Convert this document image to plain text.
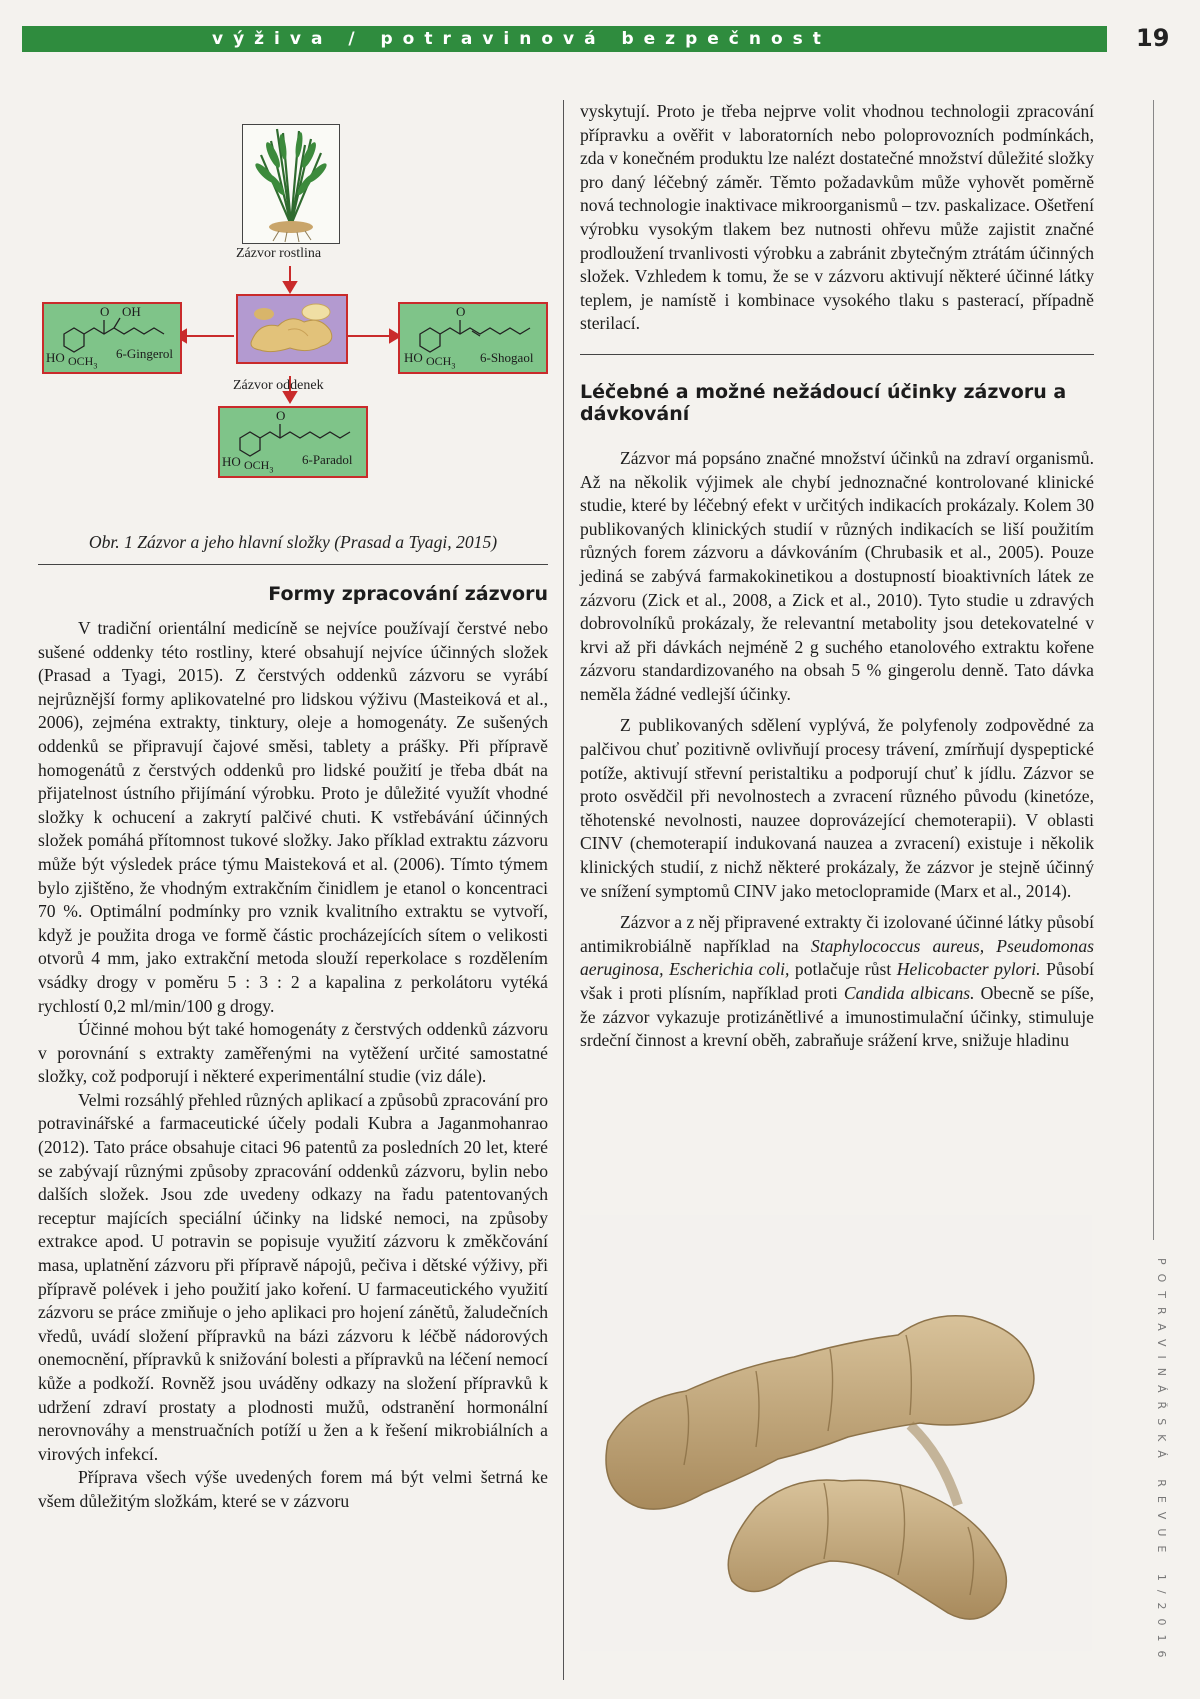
výživa / potravinová bezpečnost	19
POTRAVINÁŘSKÁ REVUE 1/2016
Zázvor rostlina
Zázvor oddenek
O OH
HO $OCH_3$
6-Gingerol
O
HO $OCH_3$
6-Shogaol
O
HO $OCH_3$
6-Paradol
Obr. 1 Zázvor a jeho hlavní složky (Prasad a Tyagi, 2015)
Formy zpracování zázvoru

V tradiční orientální medicíně se nejvíce používají čerstvé nebo sušené oddenky této rostliny, které obsahují nejvíce účinných složek (Prasad a Tyagi, 2015). Z čerstvých oddenků zázvoru se vyrábí nejrůznější formy aplikovatelné pro lidskou výživu (Masteiková et al., 2006), zejména extrakty, tinktury, oleje a homogenáty. Ze sušených oddenků se připravují čajové směsi, tablety a prášky. Při přípravě homogenátů z čerstvých oddenků pro lidské použití je třeba dbát na přijatelnost ústního přijímání výrobku. Proto je důležité využít vhodné složky k ochucení a zakrytí palčivé chuti. K vstřebávání účinných složek pomáhá přítomnost tukové složky. Jako příklad extraktu zázvoru může být výsledek práce týmu Maisteková et al. (2006). Tímto týmem bylo zjištěno, že vhodným extrakčním činidlem je etanol o koncentraci 70 %. Optimální podmínky pro vznik kvalitního extraktu se vytvoří, když je použita droga ve formě částic procházejících sítem o velikosti otvorů 4 mm, jako extrakční metoda slouží reperkolace s rozdělením vsádky drogy v poměru 5 : 3 : 2 a kapalina z perkolátoru vytéká rychlostí 0,2 ml/min/100 g drogy.

Účinné mohou být také homogenáty z čerstvých oddenků zázvoru v porovnání s extrakty zaměřenými na vytěžení určité samostatné složky, což podporují i některé experimentální studie (viz dále).

Velmi rozsáhlý přehled různých aplikací a způsobů zpracování pro potravinářské a farmaceutické účely podali Kubra a Jaganmohanrao (2012). Tato práce obsahuje citaci 96 patentů za posledních 20 let, které se zabývají různými způsoby zpracování oddenků zázvoru, bylin nebo dalších složek. Jsou zde uvedeny odkazy na řadu patentovaných receptur majících speciální účinky na lidské nemoci, na způsoby extrakce apod. U potravin se popisuje využití zázvoru k změkčování masa, uplatnění zázvoru při přípravě nápojů, pečiva i dětské výživy, při přípravě polévek i jeho použití jako koření. U farmaceutického využití zázvoru se práce zmiňuje o jeho aplikaci pro hojení zánětů, žaludečních vředů, uvádí složení přípravků na bázi zázvoru k léčbě nádorových onemocnění, přípravků k snižování bolesti a přípravků na léčení nemocí kůže a podkoží. Rovněž jsou uváděny odkazy na složení přípravků k udržení zdraví prostaty a plodnosti mužů, odstranění hormonální nerovnováhy a menstruačních potíží u žen a k řešení mikrobiálních a virových infekcí.

Příprava všech výše uvedených forem má být velmi šetrná ke všem důležitým složkám, které se v zázvoru

vyskytují. Proto je třeba nejprve volit vhodnou technologii zpracování přípravku a ověřit v laboratorních nebo poloprovozních podmínkách, zda v konečném produktu lze nalézt dostatečné množství důležité složky pro daný léčebný záměr. Těmto požadavkům může vyhovět poměrně nová technologie inaktivace mikroorganismů – tzv. paskalizace. Ošetření výrobku vysokým tlakem bez nutnosti ohřevu může zajistit značné prodloužení trvanlivosti výrobku a zabránit zbytečným ztrátám účinných složek. Vzhledem k tomu, že se v zázvoru aktivují některé účinné látky teplem, je namístě i kombinace vysokého tlaku s pasterací, případně sterilací.

Léčebné a možné nežádoucí účinky zázvoru a dávkování

Zázvor má popsáno značné množství účinků na zdraví organismů. Až na několik výjimek ale chybí jednoznačné kontrolované klinické studie, které by léčebný efekt v určitých indikacích prokázaly. Kolem 30 publikovaných klinických studií v různých indikacích se liší použitím různých forem zázvoru a dávkováním (Chrubasik et al., 2005). Pouze jediná se zabývá farmakokinetikou a dostupností bioaktivních látek ze zázvoru (Zick et al., 2008, a Zick et al., 2010). Tyto studie u zdravých dobrovolníků prokázaly, že relevantní metabolity jsou detekovatelné v krvi až při dávkách nejméně 2 g suchého etanolového extraktu kořene zázvoru standardizovaného na obsah 5 % gingerolu denně. Tato dávka neměla žádné vedlejší účinky.

Z publikovaných sdělení vyplývá, že polyfenoly zodpovědné za palčivou chuť pozitivně ovlivňují procesy trávení, zmírňují dyspeptické potíže, aktivují střevní peristaltiku a podporují chuť k jídlu. Zázvor se proto osvědčil při nevolnostech a zvracení různého původu (kinetóze, těhotenské nevolnosti, nauzee doprovázející chemoterapii). V oblasti CINV (chemoterapií indukovaná nauzea a zvracení) existuje i několik klinických studií, z nichž některé prokázaly, že zázvor je stejně účinný ve snížení symptomů CINV jako metoclopramide (Marx et al., 2014).

Zázvor a z něj připravené extrakty či izolované účinné látky působí antimikrobiálně například na Staphylococcus aureus, Pseudomonas aeruginosa, Escherichia coli, potlačuje růst Helicobacter pylori. Působí však i proti plísním, například proti Candida albicans. Obecně se píše, že zázvor vykazuje protizánětlivé a imunostimulační účinky, stimuluje srdeční činnost a krevní oběh, zabraňuje srážení krve, snižuje hladinu
